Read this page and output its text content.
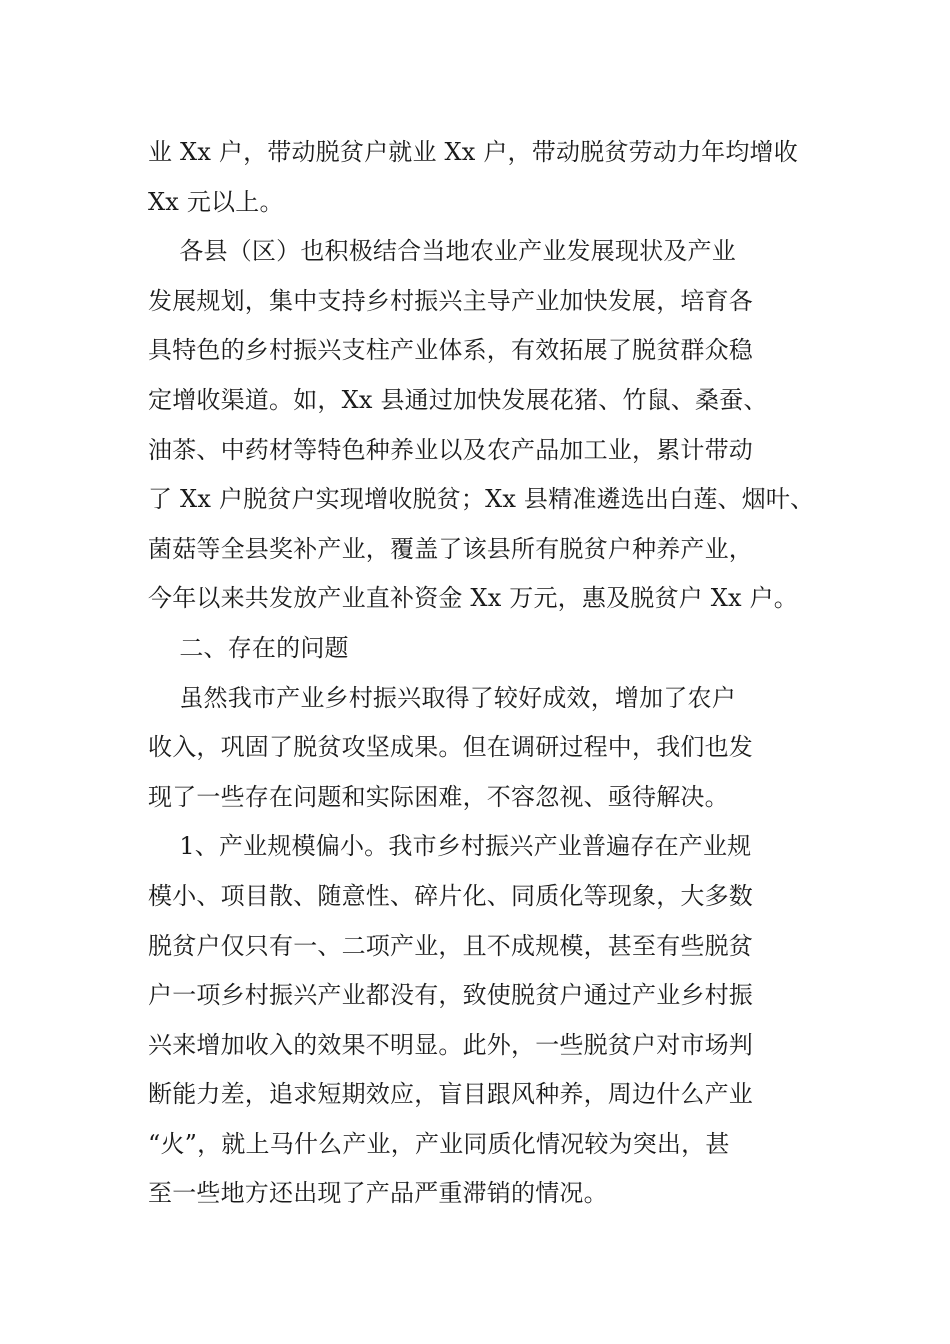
业 Xx 户，带动脱贫户就业 Xx 户，带动脱贫劳动力年均增收
Xx 元以上。
各县（区）也积极结合当地农业产业发展现状及产业
发展规划，集中支持乡村振兴主导产业加快发展，培育各
具特色的乡村振兴支柱产业体系，有效拓展了脱贫群众稳
定增收渠道。如，Xx 县通过加快发展花猪、竹鼠、桑蚕、
油茶、中药材等特色种养业以及农产品加工业，累计带动
了 Xx 户脱贫户实现增收脱贫；Xx 县精准遴选出白莲、烟叶、
菌菇等全县奖补产业，覆盖了该县所有脱贫户种养产业，
今年以来共发放产业直补资金 Xx 万元，惠及脱贫户 Xx 户。
二、存在的问题
虽然我市产业乡村振兴取得了较好成效，增加了农户
收入，巩固了脱贫攻坚成果。但在调研过程中，我们也发
现了一些存在问题和实际困难，不容忽视、亟待解决。
1、产业规模偏小。我市乡村振兴产业普遍存在产业规
模小、项目散、随意性、碎片化、同质化等现象，大多数
脱贫户仅只有一、二项产业，且不成规模，甚至有些脱贫
户一项乡村振兴产业都没有，致使脱贫户通过产业乡村振
兴来增加收入的效果不明显。此外，一些脱贫户对市场判
断能力差，追求短期效应，盲目跟风种养，周边什么产业
“火”，就上马什么产业，产业同质化情况较为突出，甚
至一些地方还出现了产品严重滞销的情况。
